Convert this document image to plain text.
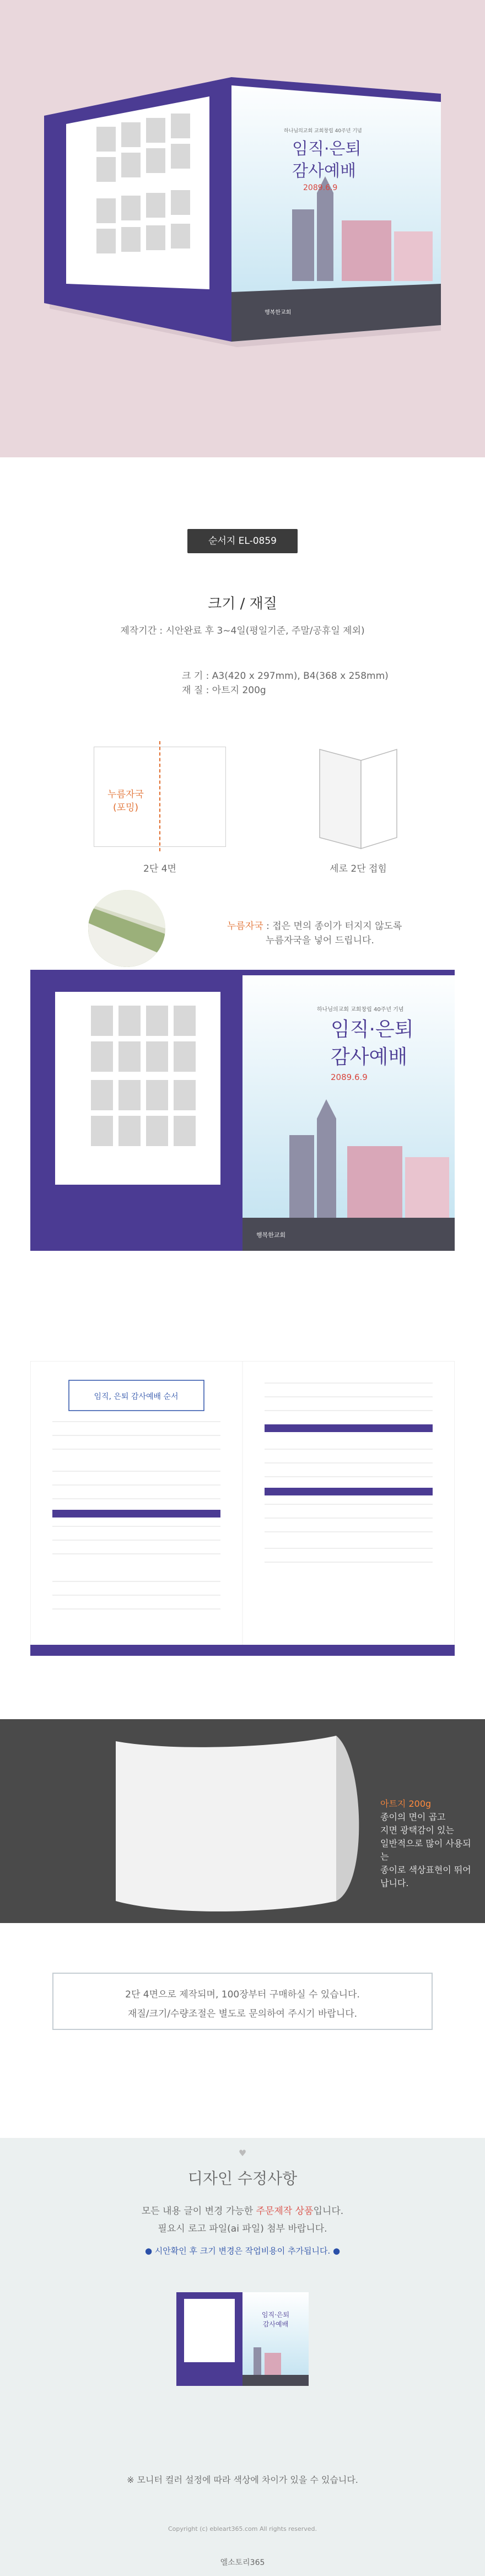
임직·은퇴
감사예배
하나님의교회 교회창립 40주년 기념
2089.6.9
행복한교회
순서지 EL-0859
크기 / 재질
제작기간 : 시안완료 후 3~4일(평일기준, 주말/공휴일 제외)
크 기 : A3(420 x 297mm), B4(368 x 258mm)
재 질 : 아트지 200g
누름자국
(포밍)
2단 4면	세로 2단 접힘
누름자국 : 접은 면의 종이가 터지지 않도록
누름자국을 넣어 드립니다.
임직·은퇴
감사예배
하나님의교회 교회창립 40주년 기념
2089.6.9
행복한교회
임직, 은퇴 감사예배 순서
아트지 200g
종이의 면이 곱고
지면 광택감이 있는
일반적으로 많이 사용되는
종이로 색상표현이 뛰어납니다.
2단 4면으로 제작되며, 100장부터 구매하실 수 있습니다.
재질/크기/수량조절은 별도로 문의하여 주시기 바랍니다.
♥
디자인 수정사항
모든 내용 글이 변경 가능한 주문제작 상품입니다.
필요시 로고 파일(ai 파일) 첨부 바랍니다.
● 시안확인 후 크기 변경은 작업비용이 추가됩니다. ●
임직·은퇴
감사예배
※ 모니터 컬러 설정에 따라 색상에 차이가 있을 수 있습니다.
Copyright (c) ebleart365.com All rights reserved.
엘소토리365
